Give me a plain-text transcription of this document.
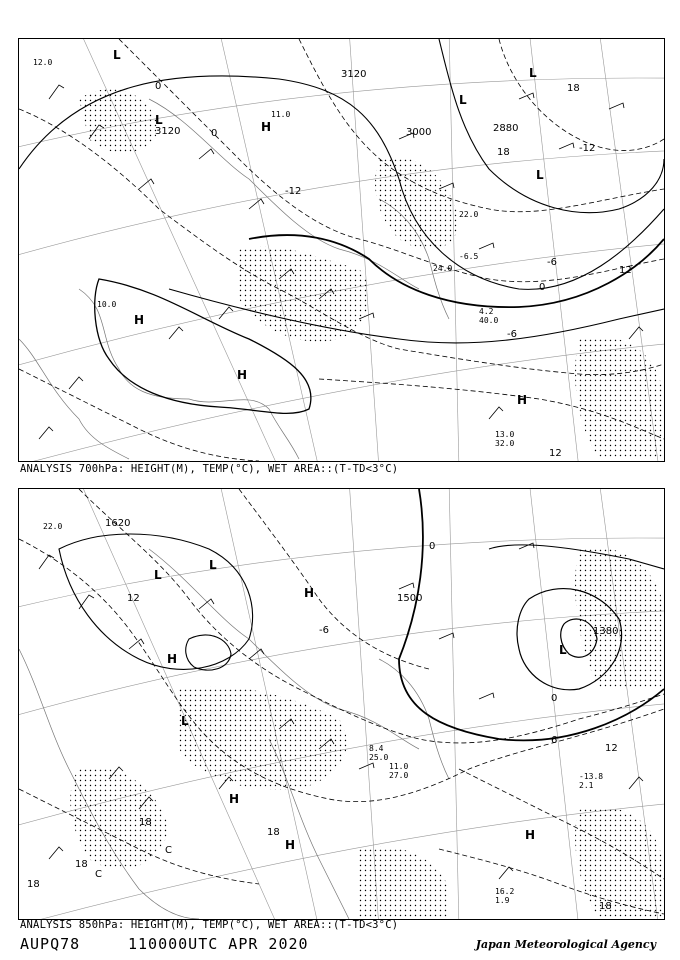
12.0
10.0
4.2
40.0
13.0
32.0
11.0
22.0
-6.5
24.0
H
H
H
H
L
L
L
L
L
3120
3120
3000	2880
0
0
-12
-12
-6
0
-6
12
18
18
12
ANALYSIS 700hPa: HEIGHT(M), TEMP(°C), WET AREA::(T-TD<3°C)
22.0
8.4
25.0
16.2
1.9
-13.8
2.1
11.0
27.0
H
H
H
H
H
L
L
L
L
1620
1500
1380
12
0
-6
0
6
12
18
18
18
18
18
C
C
ANALYSIS 850hPa: HEIGHT(M), TEMP(°C), WET AREA::(T-TD<3°C)
AUPQ78	110000UTC APR 2020	Japan Meteorological Agency
